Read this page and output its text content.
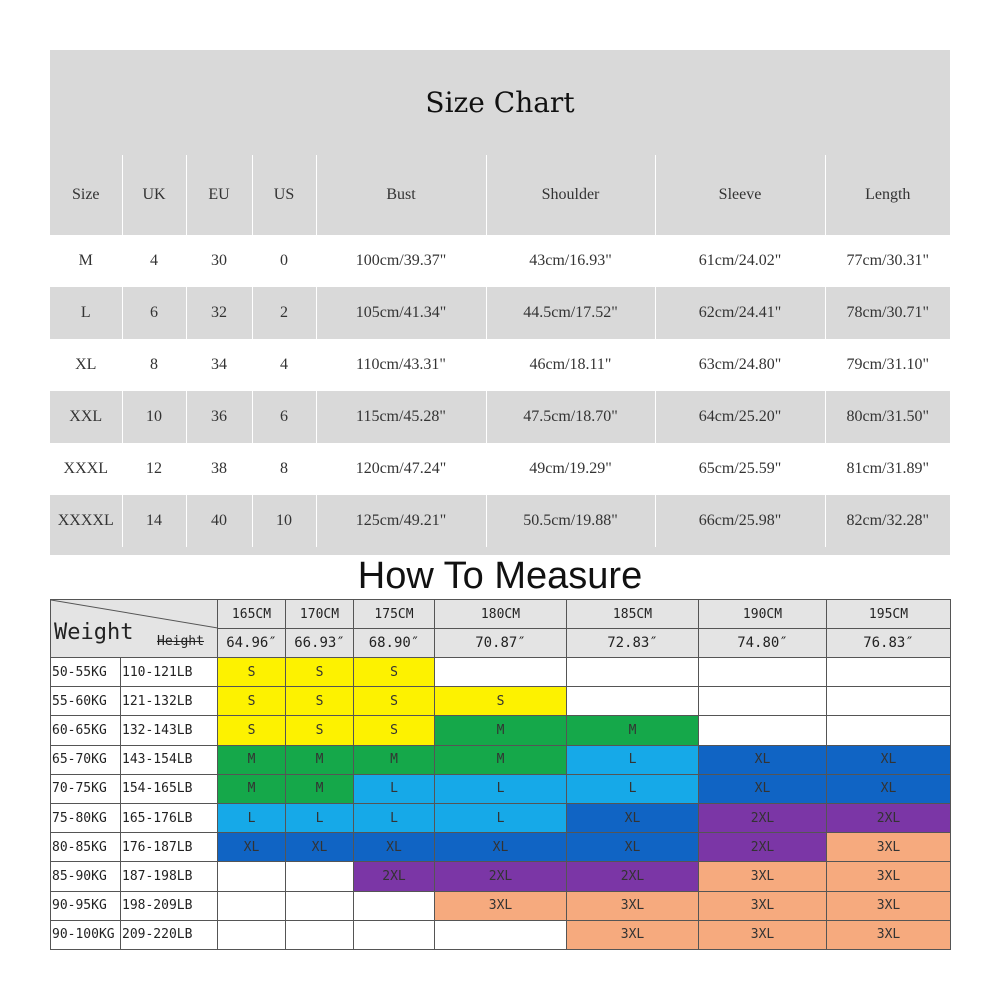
Size Chart
Size	UK	EU	US	Bust	Shoulder	Sleeve	Length
M	4	30	0	100cm/39.37"	43cm/16.93"	61cm/24.02"	77cm/30.31"
L	6	32	2	105cm/41.34"	44.5cm/17.52"	62cm/24.41"	78cm/30.71"
XL	8	34	4	110cm/43.31"	46cm/18.11"	63cm/24.80"	79cm/31.10"
XXL	10	36	6	115cm/45.28"	47.5cm/18.70"	64cm/25.20"	80cm/31.50"
XXXL	12	38	8	120cm/47.24"	49cm/19.29"	65cm/25.59"	81cm/31.89"
XXXXL	14	40	10	125cm/49.21"	50.5cm/19.88"	66cm/25.98"	82cm/32.28"
How To Measure
Weight Height		165CM	170CM	175CM	180CM	185CM	190CM	195CM
		64.96″	66.93″	68.90″	70.87″	72.83″	74.80″	76.83″
50-55KG	110-121LB	S	S	S				
55-60KG	121-132LB	S	S	S	S			
60-65KG	132-143LB	S	S	S	M	M		
65-70KG	143-154LB	M	M	M	M	L	XL	XL
70-75KG	154-165LB	M	M	L	L	L	XL	XL
75-80KG	165-176LB	L	L	L	L	XL	2XL	2XL
80-85KG	176-187LB	XL	XL	XL	XL	XL	2XL	3XL
85-90KG	187-198LB			2XL	2XL	2XL	3XL	3XL
90-95KG	198-209LB				3XL	3XL	3XL	3XL
90-100KG	209-220LB					3XL	3XL	3XL
